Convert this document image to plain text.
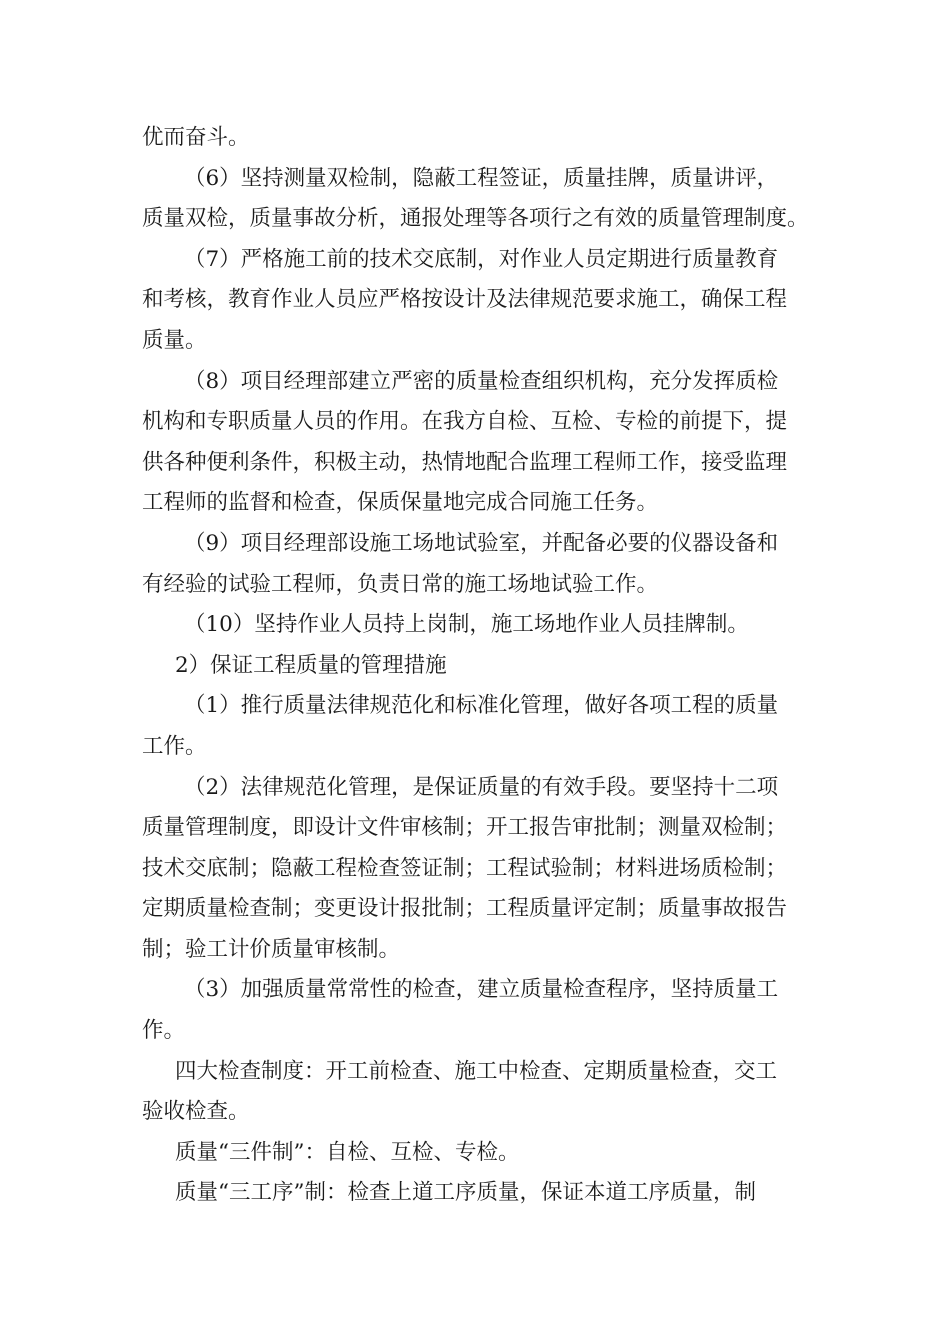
优而奋斗。
（6）坚持测量双检制，隐蔽工程签证，质量挂牌，质量讲评，
质量双检，质量事故分析，通报处理等各项行之有效的质量管理制度。
（7）严格施工前的技术交底制，对作业人员定期进行质量教育
和考核，教育作业人员应严格按设计及法律规范要求施工，确保工程
质量。
（8）项目经理部建立严密的质量检查组织机构，充分发挥质检
机构和专职质量人员的作用。在我方自检、互检、专检的前提下，提
供各种便利条件，积极主动，热情地配合监理工程师工作，接受监理
工程师的监督和检查，保质保量地完成合同施工任务。
（9）项目经理部设施工场地试验室，并配备必要的仪器设备和
有经验的试验工程师，负责日常的施工场地试验工作。
（10）坚持作业人员持上岗制，施工场地作业人员挂牌制。
2）保证工程质量的管理措施
（1）推行质量法律规范化和标准化管理，做好各项工程的质量
工作。
（2）法律规范化管理，是保证质量的有效手段。要坚持十二项
质量管理制度，即设计文件审核制；开工报告审批制；测量双检制；
技术交底制；隐蔽工程检查签证制；工程试验制；材料进场质检制；
定期质量检查制；变更设计报批制；工程质量评定制；质量事故报告
制；验工计价质量审核制。
（3）加强质量常常性的检查，建立质量检查程序，坚持质量工
作。
四大检查制度：开工前检查、施工中检查、定期质量检查，交工
验收检查。
质量“三件制”：自检、互检、专检。
质量“三工序”制：检查上道工序质量，保证本道工序质量，制
